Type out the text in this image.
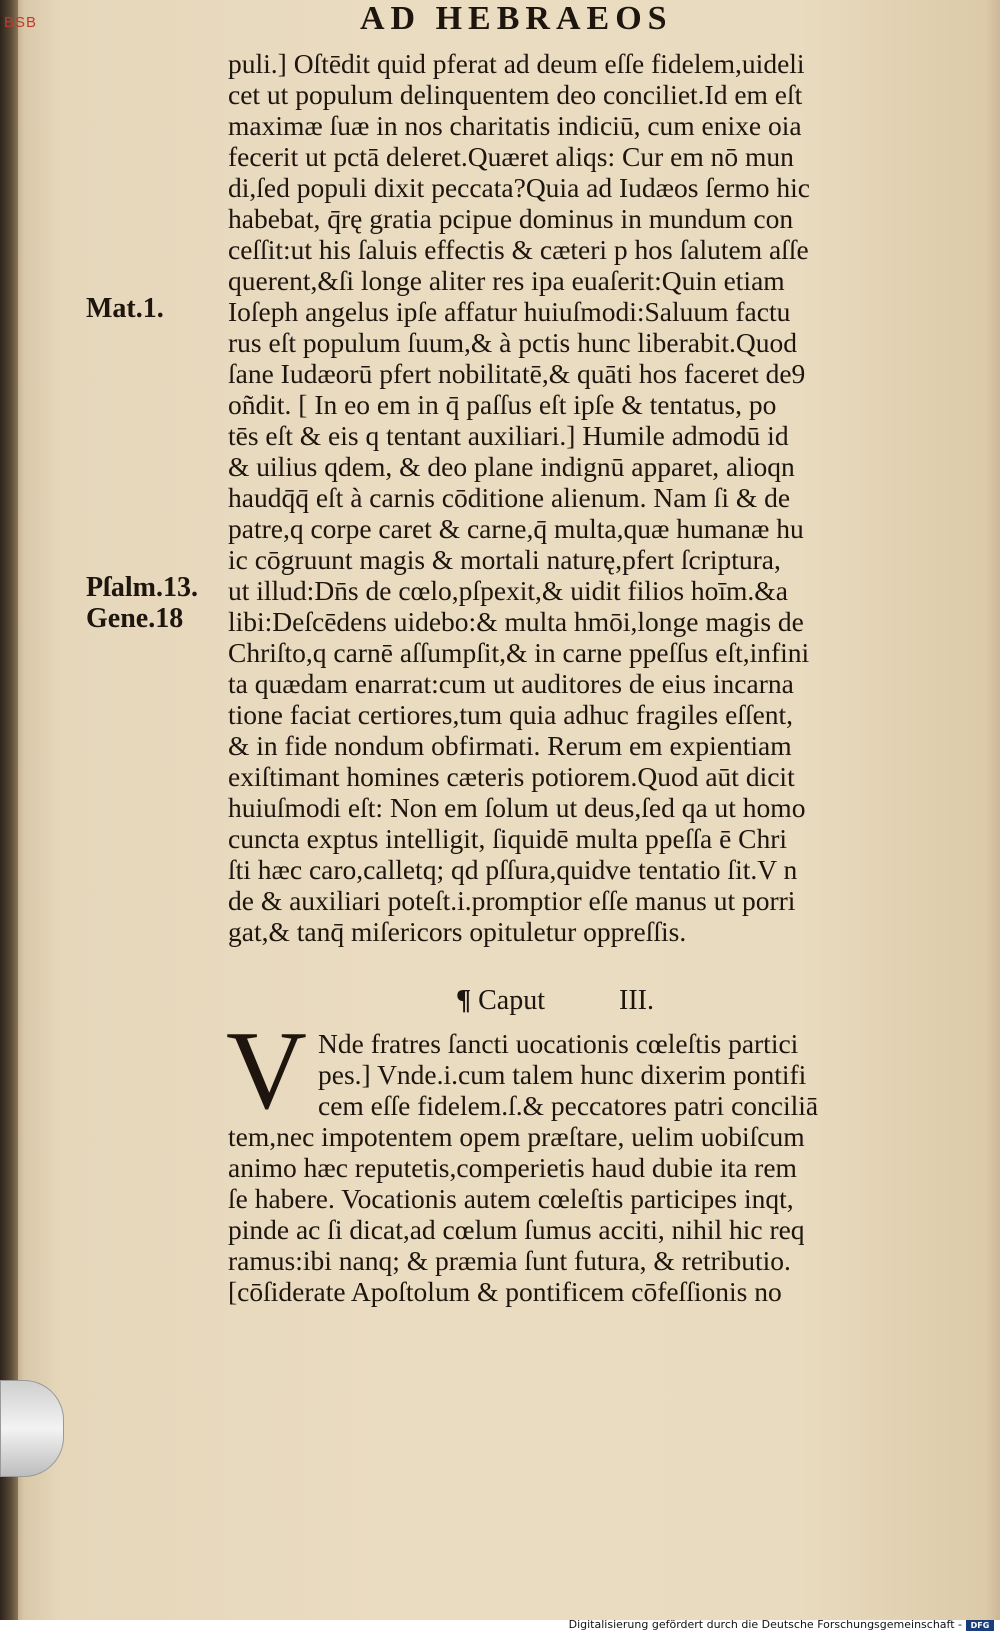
BSB	AD HEBRAEOS
puli.] Oſtēdit quid pferat ad deum eſſe fidelem,uideli
cet ut populum delinquentem deo conciliet.Id em eſt
maximæ ſuæ in nos charitatis indiciū, cum enixe oia
fecerit ut pctā deleret.Quæret aliqs: Cur em nō mun
di,ſed populi dixit peccata?Quia ad Iudæos ſermo hic
habebat, q̄rę gratia pcipue dominus in mundum con
ceſſit:ut his ſaluis effectis & cæteri p hos ſalutem aſſe
querent,&ſi longe aliter res ipa euaſerit:Quin etiam
Ioſeph angelus ipſe affatur huiuſmodi:Saluum factu
rus eſt populum ſuum,& à pctis hunc liberabit.Quod
ſane Iudæorū pfert nobilitatē,& quāti hos faceret de9
oñdit. [ In eo em in q̄ paſſus eſt ipſe & tentatus, po
tēs eſt & eis q tentant auxiliari.] Humile admodū id
& uilius qdem, & deo plane indignū apparet, alioqn
haudq̄q̄ eſt à carnis cōditione alienum. Nam ſi & de
patre,q corpe caret & carne,q̄ multa,quæ humanæ hu
ic cōgruunt magis & mortali naturę,pfert ſcriptura,
ut illud:Dn̄s de cœlo,pſpexit,& uidit filios hoīm.&a
libi:Deſcēdens uidebo:& multa hmōi,longe magis de
Chriſto,q carnē aſſumpſit,& in carne ppeſſus eſt,infini
ta quædam enarrat:cum ut auditores de eius incarna
tione faciat certiores,tum quia adhuc fragiles eſſent,
& in fide nondum obfirmati. Rerum em expientiam
exiſtimant homines cæteris potiorem.Quod aūt dicit
huiuſmodi eſt: Non em ſolum ut deus,ſed qa ut homo
cuncta exptus intelligit, ſiquidē multa ppeſſa ē Chri
ſti hæc caro,calletq; qd pſſura,quidve tentatio ſit.V n
de & auxiliari poteſt.i.promptior eſſe manus ut porri
gat,& tanq̄ miſericors opituletur oppreſſis.
Mat.1.
Pſalm.13.
Gene.18
¶ Caput	III.
V Nde fratres ſancti uocationis cœleſtis partici
pes.] Vnde.i.cum talem hunc dixerim pontifi
cem eſſe fidelem.ſ.& peccatores patri conciliā
tem,nec impotentem opem præſtare, uelim uobiſcum
animo hæc reputetis,comperietis haud dubie ita rem
ſe habere. Vocationis autem cœleſtis participes inqt,
pinde ac ſi dicat,ad cœlum ſumus acciti, nihil hic req
ramus:ibi nanq; & præmia ſunt futura, & retributio.
[cōſiderate Apoſtolum & pontificem cōfeſſionis no
Digitalisierung gefördert durch die Deutsche Forschungsgemeinschaft -	DFG
